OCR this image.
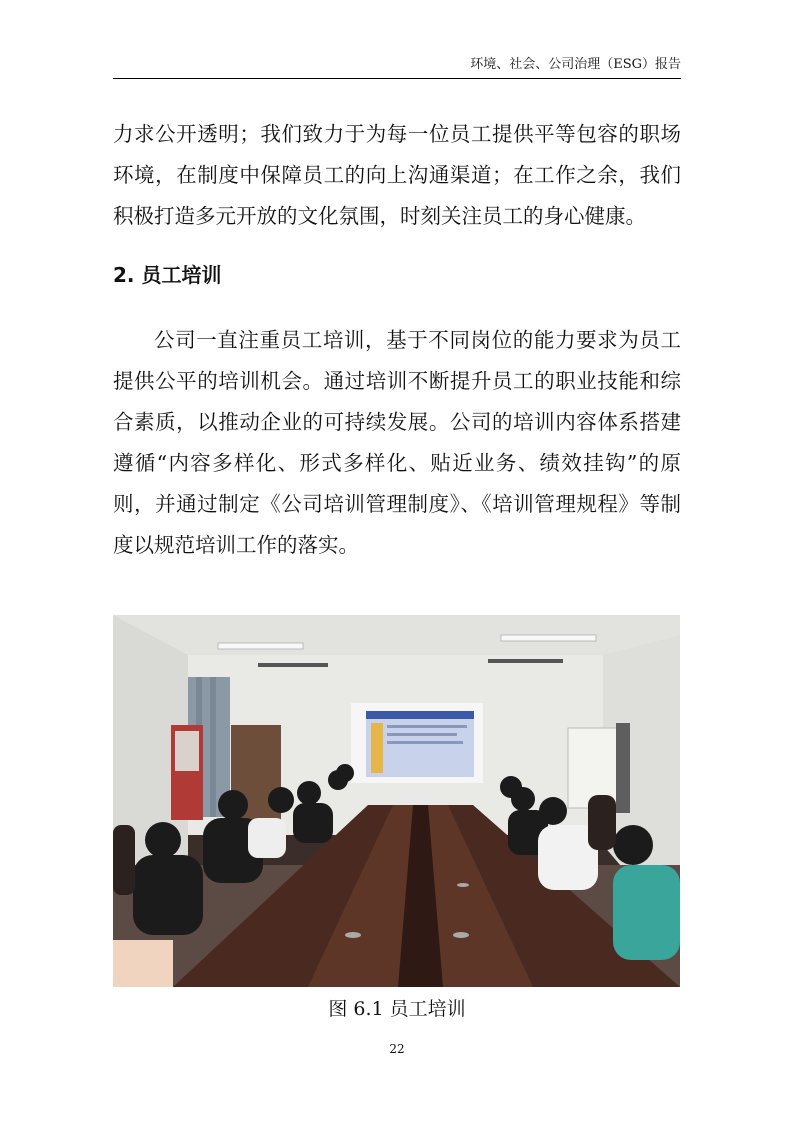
环境、社会、公司治理（ESG）报告

力求公开透明；我们致力于为每一位员工提供平等包容的职场环境，在制度中保障员工的向上沟通渠道；在工作之余，我们积极打造多元开放的文化氛围，时刻关注员工的身心健康。

2. 员工培训

公司一直注重员工培训，基于不同岗位的能力要求为员工提供公平的培训机会。通过培训不断提升员工的职业技能和综合素质，以推动企业的可持续发展。公司的培训内容体系搭建遵循“内容多样化、形式多样化、贴近业务、绩效挂钩”的原则，并通过制定《公司培训管理制度》、《培训管理规程》等制度以规范培训工作的落实。

图 6.1 员工培训
22
